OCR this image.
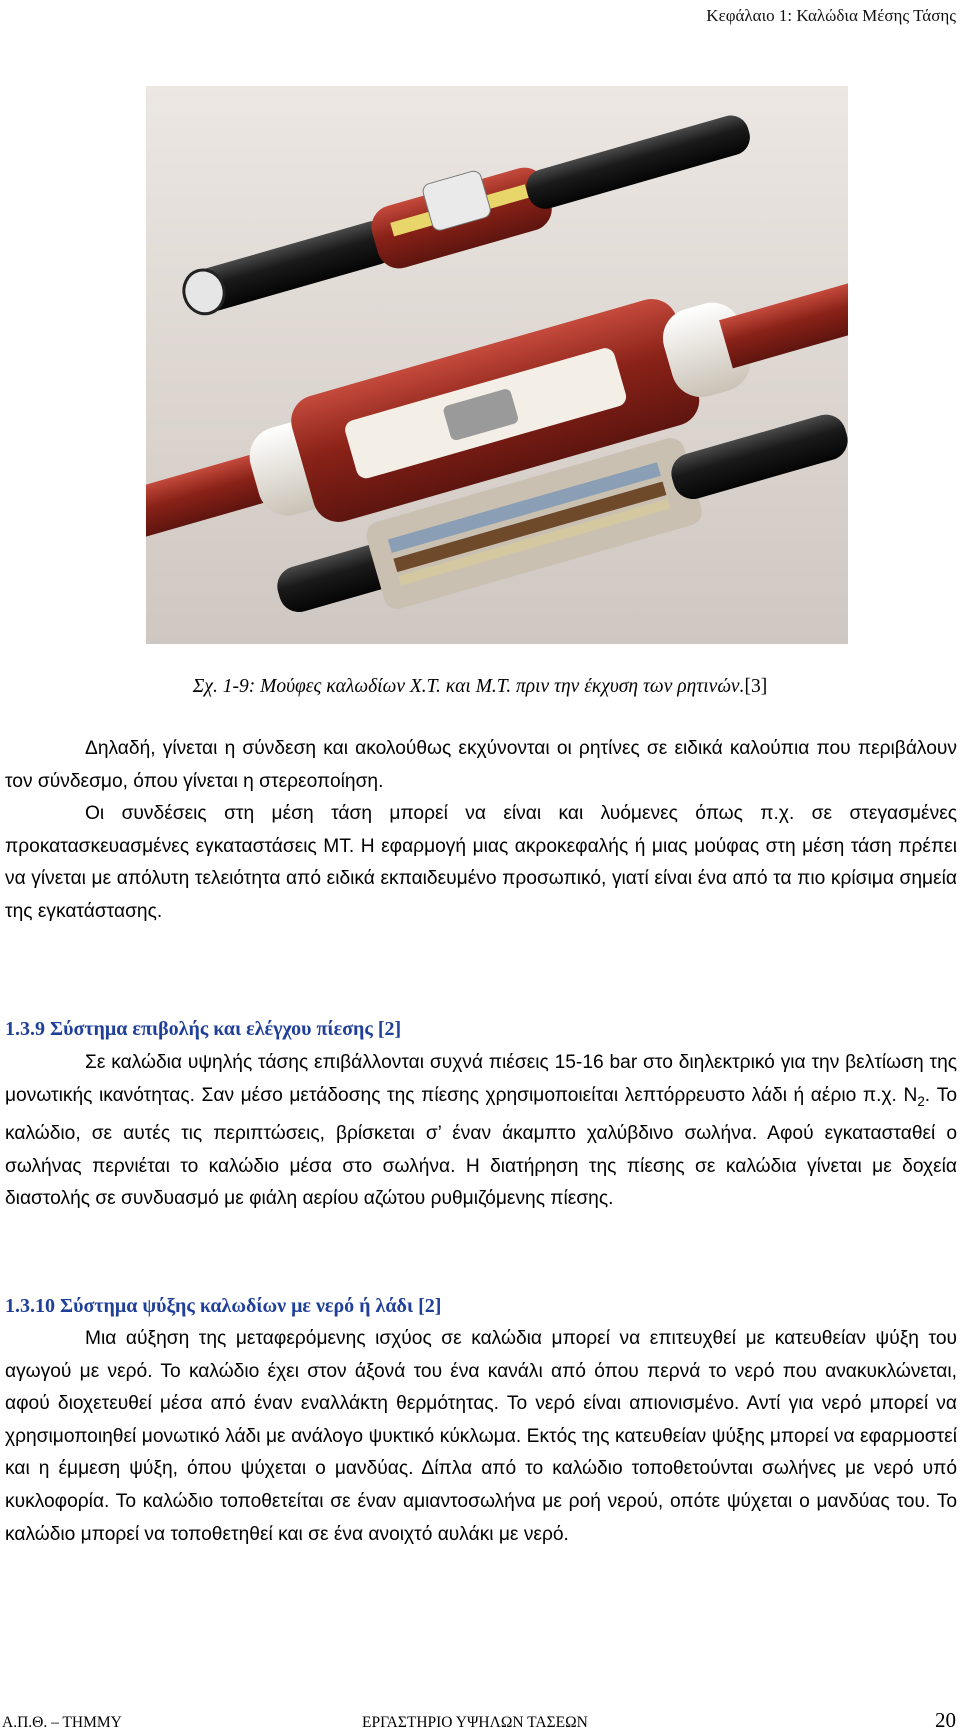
Κεφάλαιο 1: Καλώδια Μέσης Τάσης
Σχ. 1-9: Μούφες καλωδίων Χ.Τ. και Μ.Τ. πριν την έκχυση των ρητινών.[3]

Δηλαδή, γίνεται η σύνδεση και ακολούθως εκχύνονται οι ρητίνες σε ειδικά καλούπια που περιβάλουν τον σύνδεσμο, όπου γίνεται η στερεοποίηση.
Οι συνδέσεις στη μέση τάση μπορεί να είναι και λυόμενες όπως π.χ. σε στεγασμένες προκατασκευασμένες εγκαταστάσεις ΜΤ. Η εφαρμογή μιας ακροκεφαλής ή μιας μούφας στη μέση τάση πρέπει να γίνεται με απόλυτη τελειότητα από ειδικά εκπαιδευμένο προσωπικό, γιατί είναι ένα από τα πιο κρίσιμα σημεία της εγκατάστασης.

1.3.9 Σύστημα επιβολής και ελέγχου πίεσης [2]

Σε καλώδια υψηλής τάσης επιβάλλονται συχνά πιέσεις 15-16 bar στο διηλεκτρικό για την βελτίωση της μονωτικής ικανότητας. Σαν μέσο μετάδοσης της πίεσης χρησιμοποιείται λεπτόρρευστο λάδι ή αέριο π.χ. $N_2$. Το καλώδιο, σε αυτές τις περιπτώσεις, βρίσκεται σ’ έναν άκαμπτο χαλύβδινο σωλήνα. Αφού εγκατασταθεί ο σωλήνας περνιέται το καλώδιο μέσα στο σωλήνα. Η διατήρηση της πίεσης σε καλώδια γίνεται με δοχεία διαστολής σε συνδυασμό με φιάλη αερίου αζώτου ρυθμιζόμενης πίεσης.

1.3.10 Σύστημα ψύξης καλωδίων με νερό ή λάδι [2]

Μια αύξηση της μεταφερόμενης ισχύος σε καλώδια μπορεί να επιτευχθεί με κατευθείαν ψύξη του αγωγού με νερό. Το καλώδιο έχει στον άξονά του ένα κανάλι από όπου περνά το νερό που ανακυκλώνεται, αφού διοχετευθεί μέσα από έναν εναλλάκτη θερμότητας. Το νερό είναι απιονισμένο. Αντί για νερό μπορεί να χρησιμοποιηθεί μονωτικό λάδι με ανάλογο ψυκτικό κύκλωμα. Εκτός της κατευθείαν ψύξης μπορεί να εφαρμοστεί και η έμμεση ψύξη, όπου ψύχεται ο μανδύας. Δίπλα από το καλώδιο τοποθετούνται σωλήνες με νερό υπό κυκλοφορία. Το καλώδιο τοποθετείται σε έναν αμιαντοσωλήνα με ροή νερού, οπότε ψύχεται ο μανδύας του. Το καλώδιο μπορεί να τοποθετηθεί και σε ένα ανοιχτό αυλάκι με νερό.

Α.Π.Θ. – ΤΗΜΜΥ	ΕΡΓΑΣΤΗΡΙΟ ΥΨΗΛΩΝ ΤΑΣΕΩΝ	20
